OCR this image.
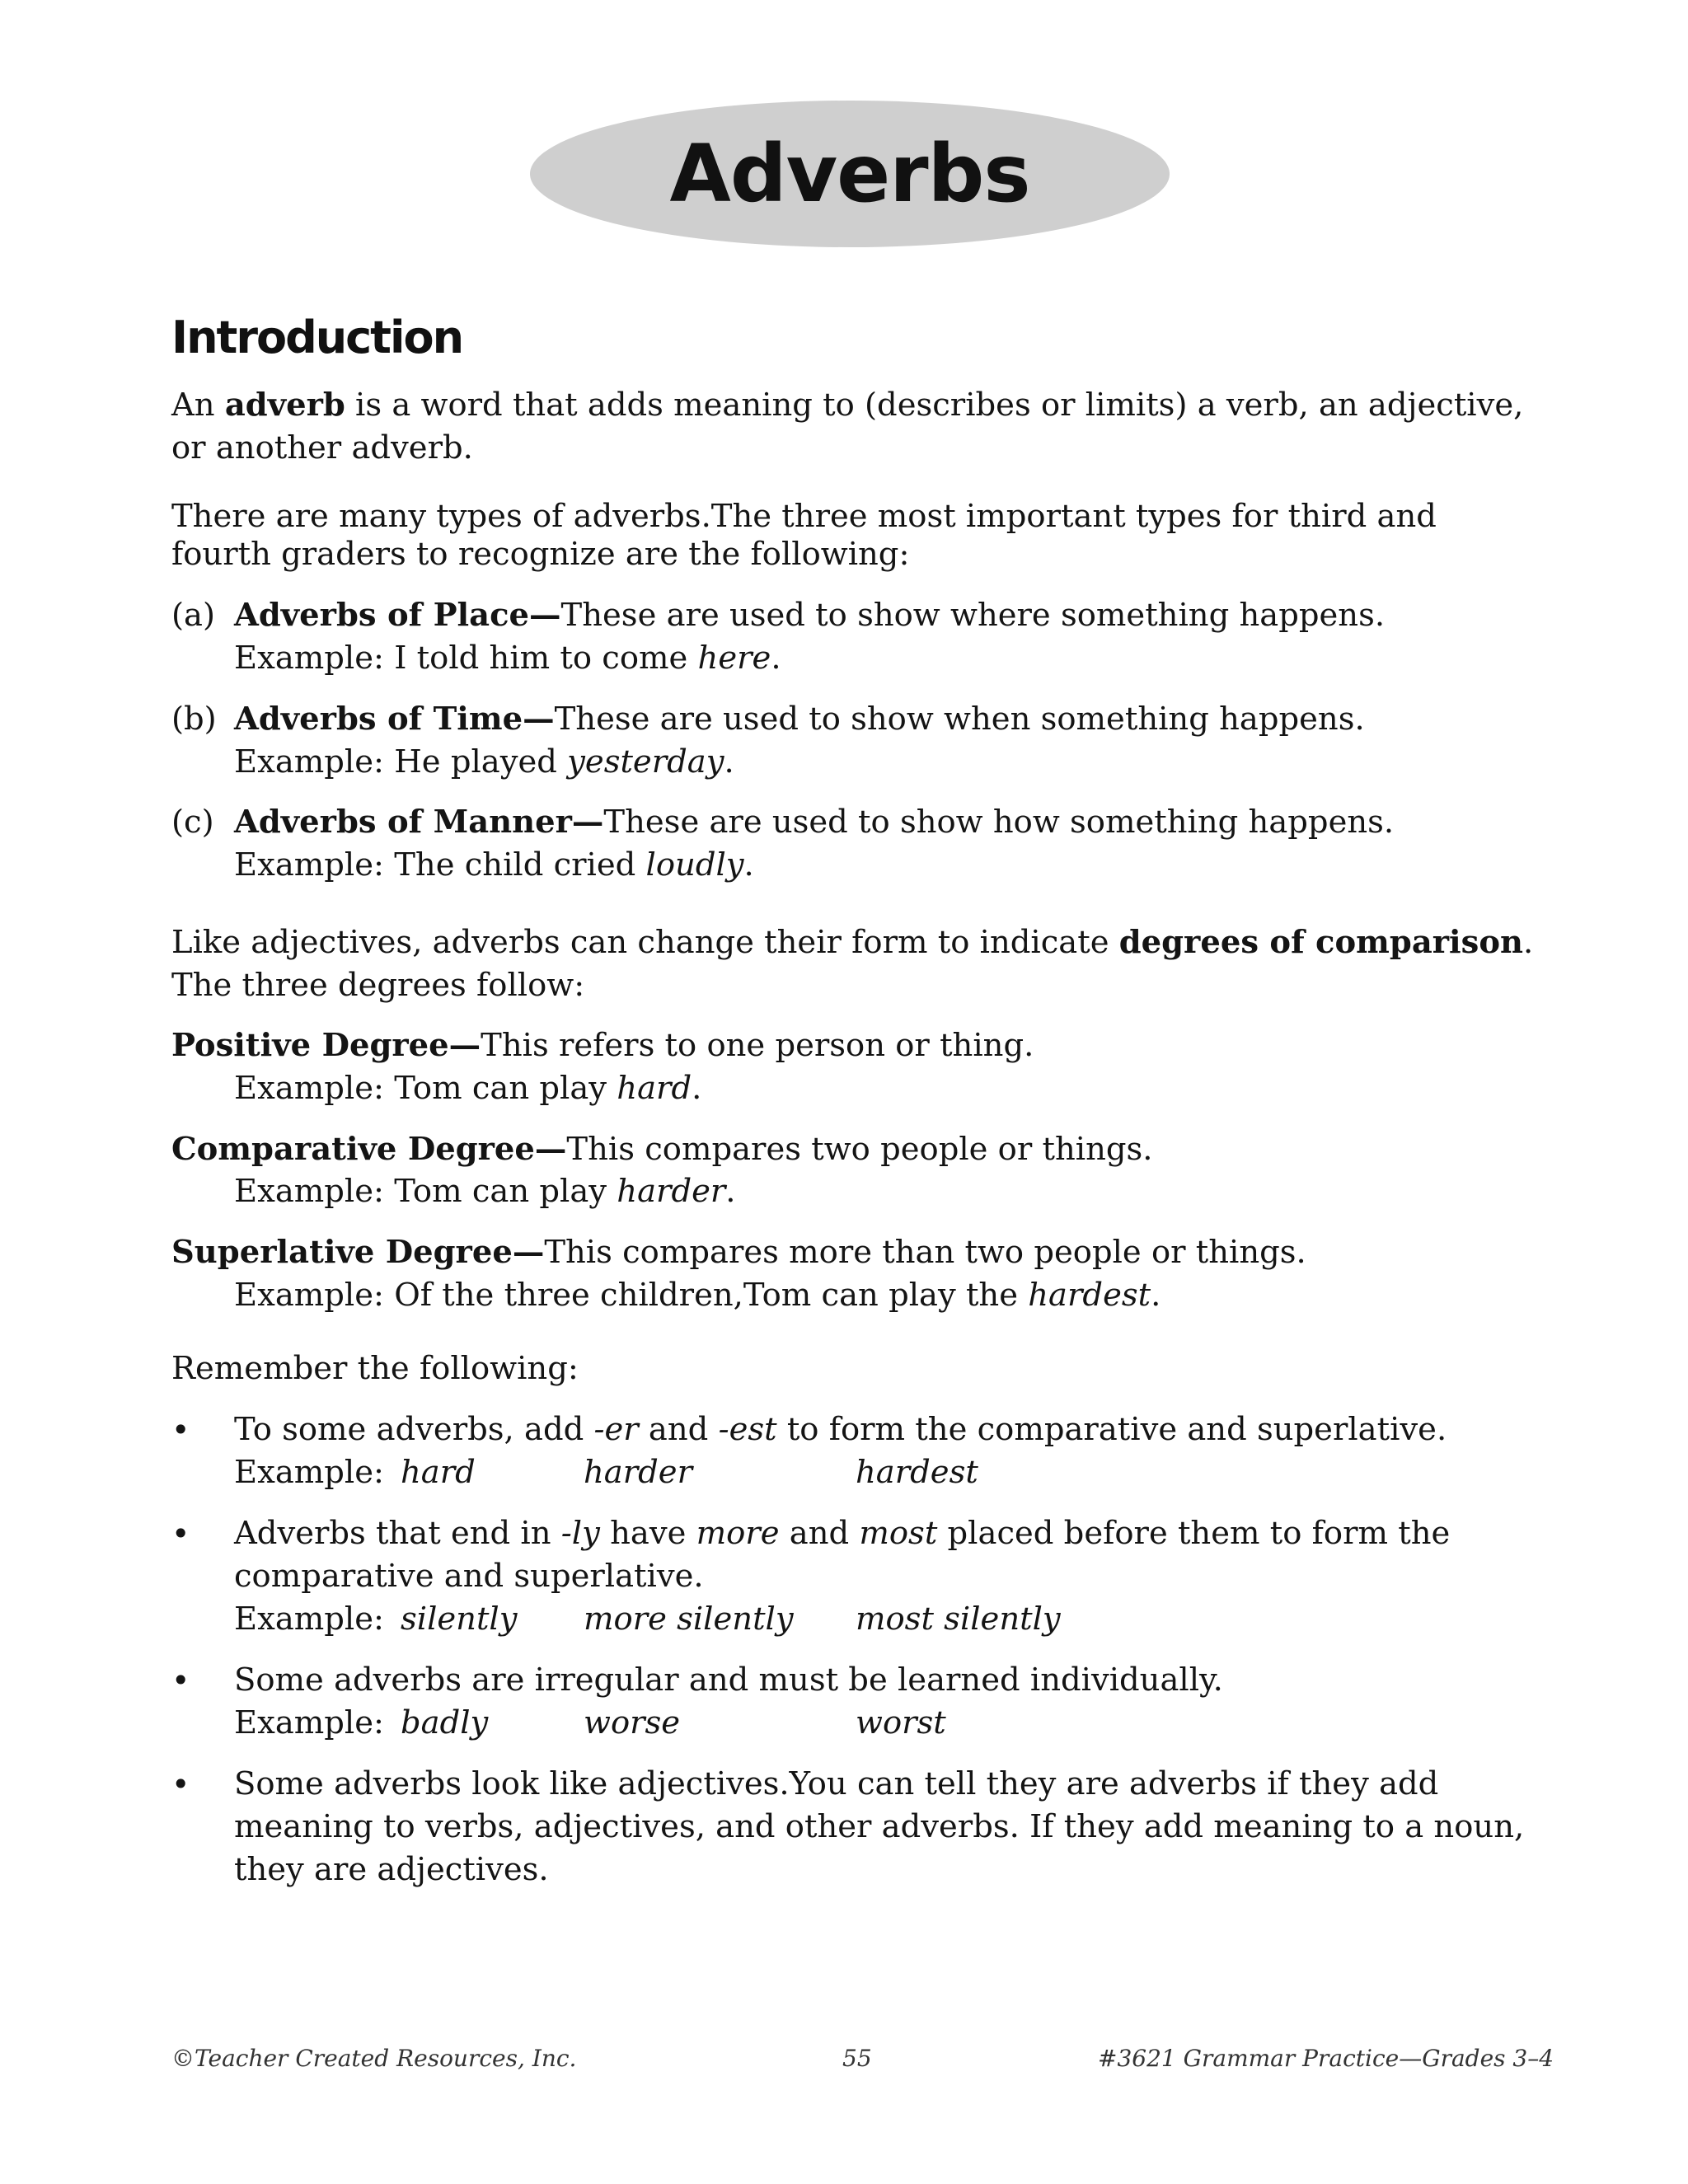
Adverbs
Introduction
An adverb is a word that adds meaning to (describes or limits) a verb, an adjective,
or another adverb.
There are many types of adverbs.The three most important types for third and
fourth graders to recognize are the following:
(a) Adverbs of Place—These are used to show where something happens.
Example: I told him to come here.
(b) Adverbs of Time—These are used to show when something happens.
Example: He played yesterday.
(c) Adverbs of Manner—These are used to show how something happens.
Example: The child cried loudly.
Like adjectives, adverbs can change their form to indicate degrees of comparison.
The three degrees follow:
Positive Degree—This refers to one person or thing.
Example: Tom can play hard.
Comparative Degree—This compares two people or things.
Example: Tom can play harder.
Superlative Degree—This compares more than two people or things.
Example: Of the three children,Tom can play the hardest.
Remember the following:
• To some adverbs, add -er and -est to form the comparative and superlative.
Example: hard	harder	hardest
• Adverbs that end in -ly have more and most placed before them to form the
comparative and superlative.
Example: silently more silently most silently
• Some adverbs are irregular and must be learned individually.
Example: badly	worse	worst
• Some adverbs look like adjectives.You can tell they are adverbs if they add
meaning to verbs, adjectives, and other adverbs. If they add meaning to a noun,
they are adjectives.
©Teacher Created Resources, Inc.	55	#3621 Grammar Practice—Grades 3–4
